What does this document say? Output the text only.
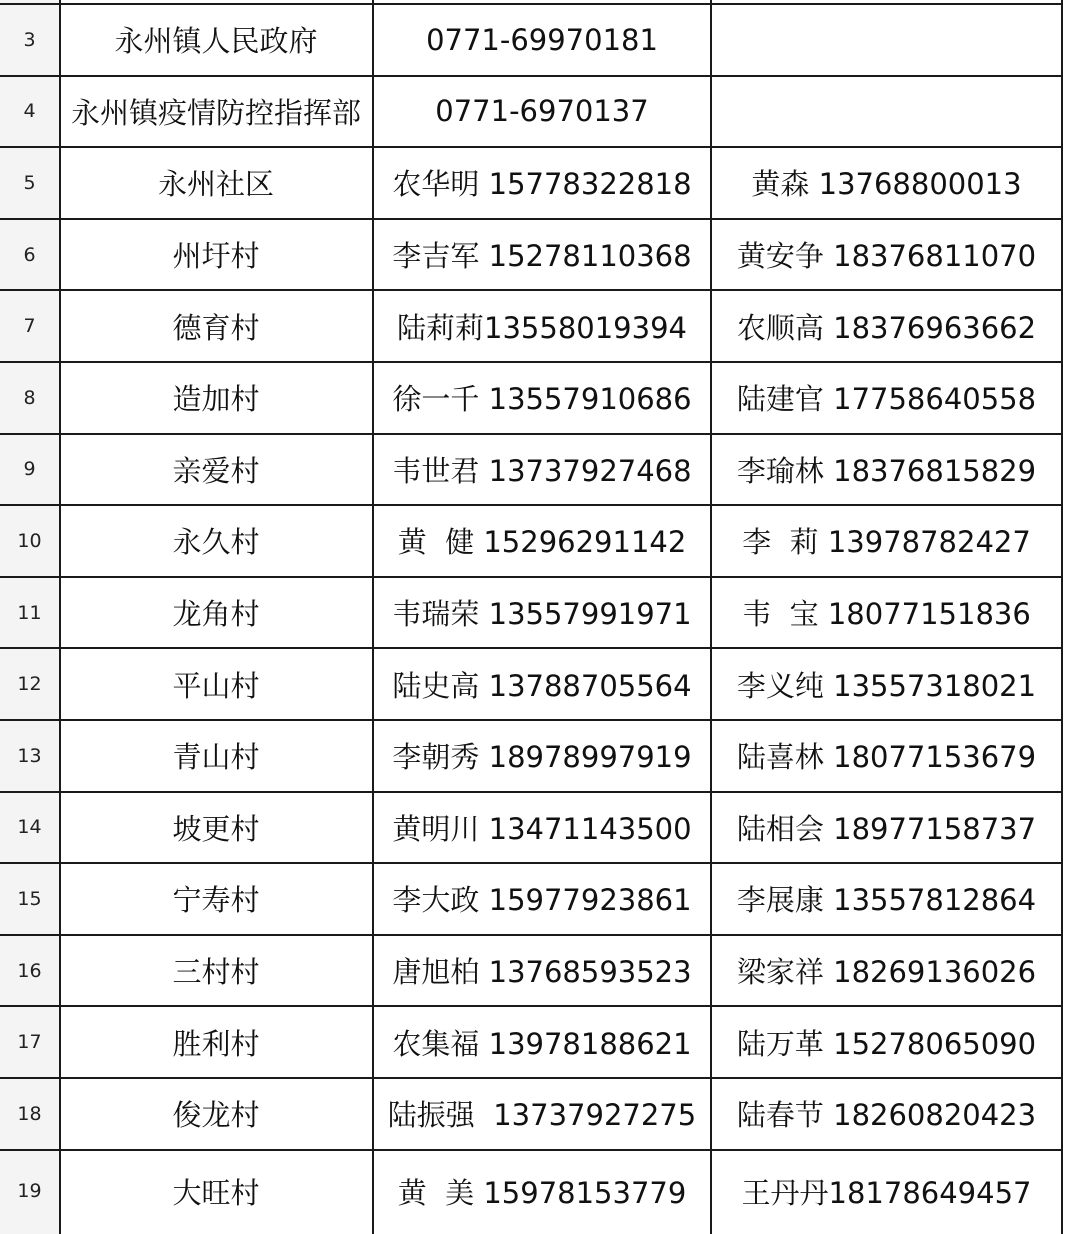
3	永州镇人民政府	0771-69970181
4	永州镇疫情防控指挥部	0771-6970137
5	永州社区	农华明 15778322818	黄森 13768800013
6	州圩村	李吉军 15278110368	黄安争 18376811070
7	德育村	陆莉莉13558019394	农顺高 18376963662
8	造加村	徐一千 13557910686	陆建官 17758640558
9	亲爱村	韦世君 13737927468	李瑜林 18376815829
10	永久村	黄  健 15296291142	李  莉 13978782427
11	龙角村	韦瑞荣 13557991971	韦  宝 18077151836
12	平山村	陆史高 13788705564	李义纯 13557318021
13	青山村	李朝秀 18978997919	陆喜林 18077153679
14	坡更村	黄明川 13471143500	陆相会 18977158737
15	宁寿村	李大政 15977923861	李展康 13557812864
16	三村村	唐旭柏 13768593523	梁家祥 18269136026
17	胜利村	农集福 13978188621	陆万革 15278065090
18	俊龙村	陆振强  13737927275	陆春节 18260820423
19	大旺村	黄  美 15978153779	王丹丹18178649457
